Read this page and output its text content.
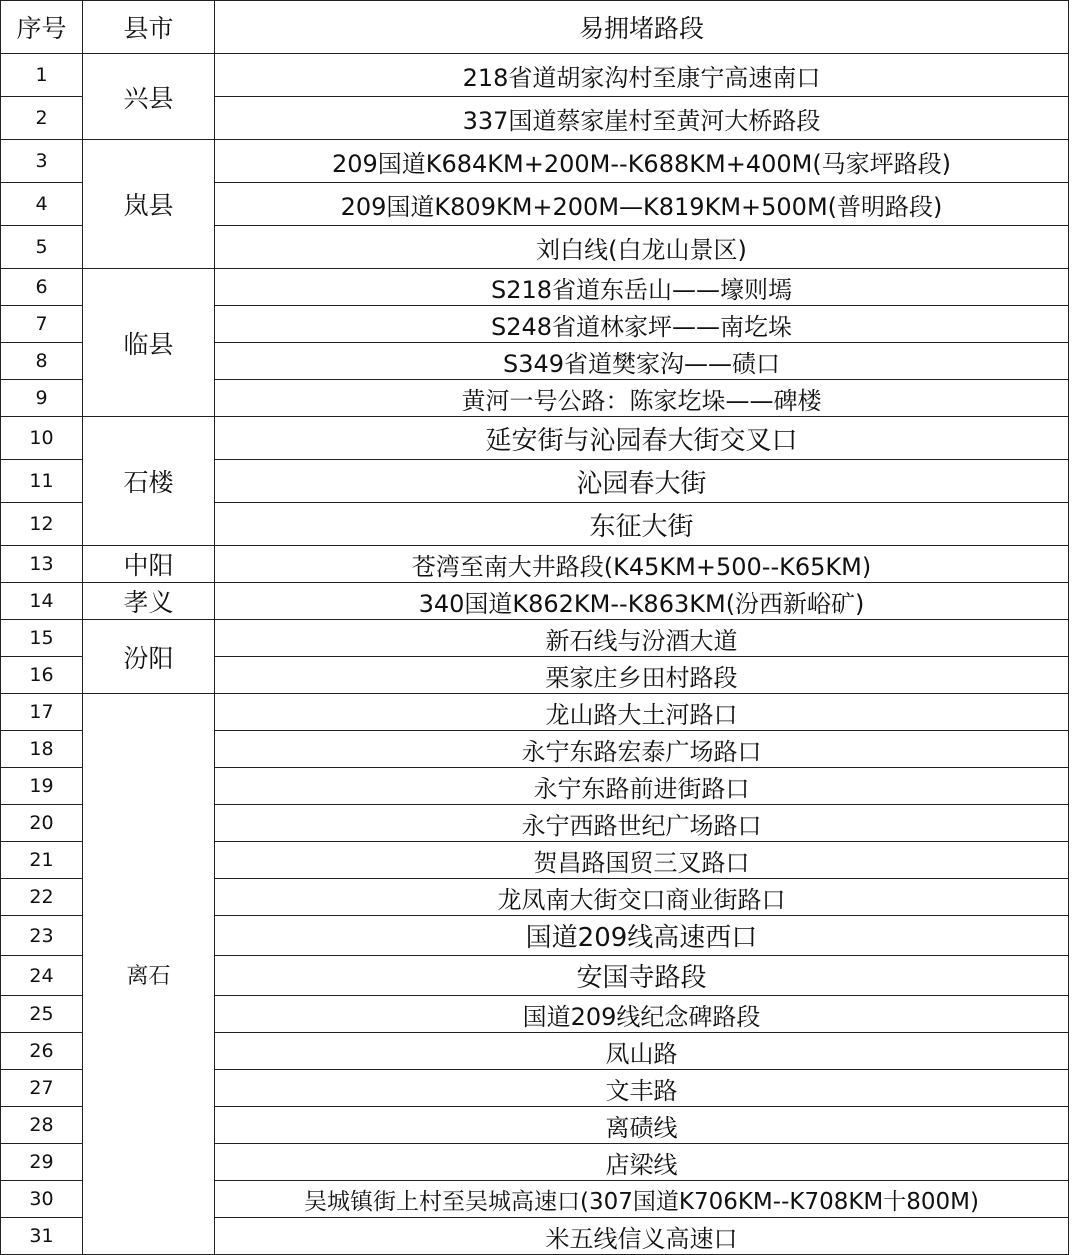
序号	县市	易拥堵路段
1	兴县	218省道胡家沟村至康宁高速南口
2		337国道蔡家崖村至黄河大桥路段
3	岚县	209国道K684KM+200M--K688KM+400M(马家坪路段)
4		209国道K809KM+200M—K819KM+500M(普明路段)
5		刘白线(白龙山景区)
6	临县	S218省道东岳山——壕则墕
7		S248省道林家坪——南圪垛
8		S349省道樊家沟——碛口
9		黄河一号公路：陈家圪垛——碑楼
10	石楼	延安街与沁园春大街交叉口
11		沁园春大街
12		东征大街
13	中阳	苍湾至南大井路段(K45KM+500--K65KM)
14	孝义	340国道K862KM--K863KM(汾西新峪矿)
15	汾阳	新石线与汾酒大道
16		栗家庄乡田村路段
17	离石	龙山路大土河路口
18		永宁东路宏泰广场路口
19		永宁东路前进街路口
20		永宁西路世纪广场路口
21		贺昌路国贸三叉路口
22		龙凤南大街交口商业街路口
23		国道209线高速西口
24		安国寺路段
25		国道209线纪念碑路段
26		凤山路
27		文丰路
28		离碛线
29		店梁线
30		吴城镇街上村至吴城高速口(307国道K706KM--K708KM十800M)
31		米五线信义高速口
